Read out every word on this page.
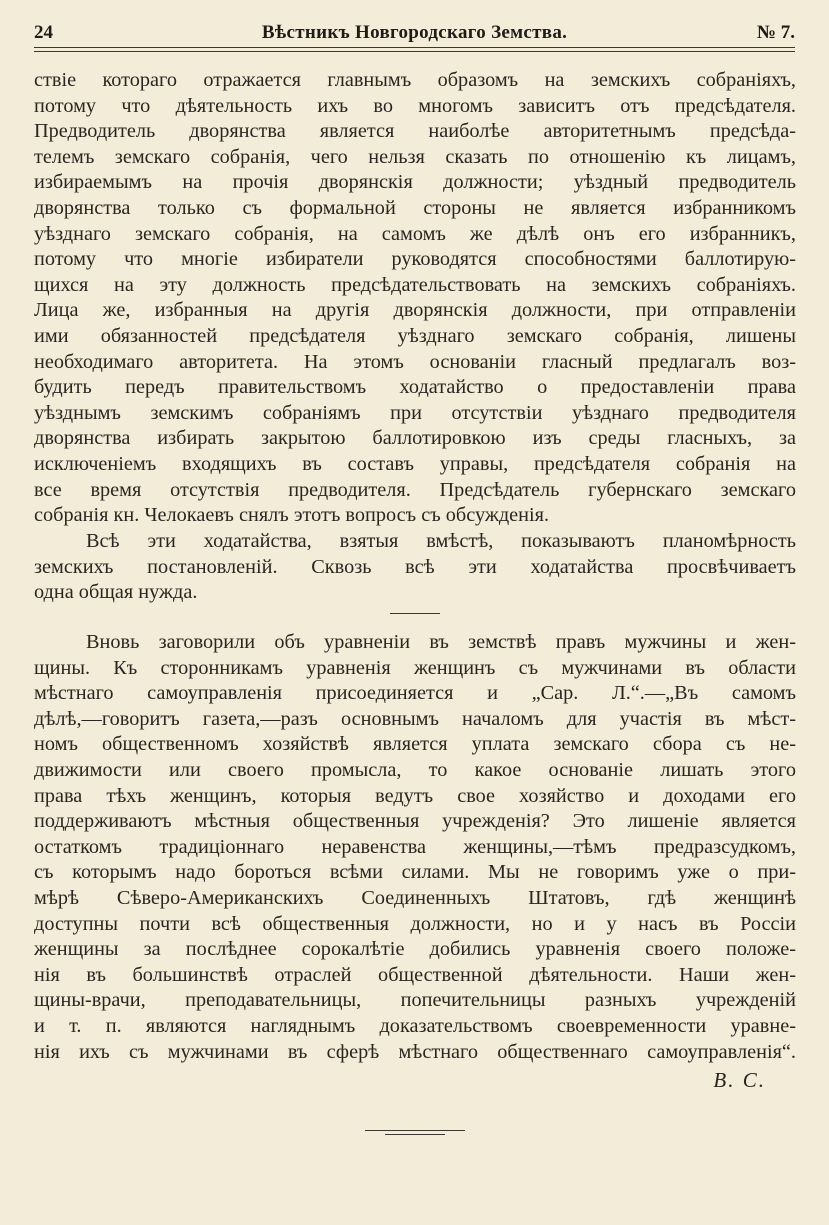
24	Вѣстникъ Новгородскаго Земства.	№ 7.
ствіе котораго отражается главнымъ образомъ на земскихъ собраніяхъ,
потому что дѣятельность ихъ во многомъ зависитъ отъ предсѣдателя.
Предводитель дворянства является наиболѣе авторитетнымъ предсѣда-
телемъ земскаго собранія, чего нельзя сказать по отношенію къ лицамъ,
избираемымъ на прочія дворянскія должности; уѣздный предводитель
дворянства только съ формальной стороны не является избранникомъ
уѣзднаго земскаго собранія, на самомъ же дѣлѣ онъ его избранникъ,
потому что многіе избиратели руководятся способностями баллотирую-
щихся на эту должность предсѣдательствовать на земскихъ собраніяхъ.
Лица же, избранныя на другія дворянскія должности, при отправленіи
ими обязанностей предсѣдателя уѣзднаго земскаго собранія, лишены
необходимаго авторитета. На этомъ основаніи гласный предлагалъ воз-
будить передъ правительствомъ ходатайство о предоставленіи права
уѣзднымъ земскимъ собраніямъ при отсутствіи уѣзднаго предводителя
дворянства избирать закрытою баллотировкою изъ среды гласныхъ, за
исключеніемъ входящихъ въ составъ управы, предсѣдателя собранія на
все время отсутствія предводителя. Предсѣдатель губернскаго земскаго
собранія кн. Челокаевъ снялъ этотъ вопросъ съ обсужденія.
Всѣ эти ходатайства, взятыя вмѣстѣ, показываютъ планомѣрность
земскихъ постановленій. Сквозь всѣ эти ходатайства просвѣчиваетъ
одна общая нужда.
Вновь заговорили объ уравненіи въ земствѣ правъ мужчины и жен-
щины. Къ сторонникамъ уравненія женщинъ съ мужчинами въ области
мѣстнаго самоуправленія присоединяется и „Сар. Л.“.—„Въ самомъ
дѣлѣ,—говоритъ газета,—разъ основнымъ началомъ для участія въ мѣст-
номъ общественномъ хозяйствѣ является уплата земскаго сбора съ не-
движимости или своего промысла, то какое основаніе лишать этого
права тѣхъ женщинъ, которыя ведутъ свое хозяйство и доходами его
поддерживаютъ мѣстныя общественныя учрежденія? Это лишеніе является
остаткомъ традиціоннаго неравенства женщины,—тѣмъ предразсудкомъ,
съ которымъ надо бороться всѣми силами. Мы не говоримъ уже о при-
мѣрѣ Сѣверо-Американскихъ Соединенныхъ Штатовъ, гдѣ женщинѣ
доступны почти всѣ общественныя должности, но и у насъ въ Россіи
женщины за послѣднее сорокалѣтіе добились уравненія своего положе-
нія въ большинствѣ отраслей общественной дѣятельности. Наши жен-
щины-врачи, преподавательницы, попечительницы разныхъ учрежденій
и т. п. являются нагляднымъ доказательствомъ своевременности уравне-
нія ихъ съ мужчинами въ сферѣ мѣстнаго общественнаго самоуправленія“.
В. С.
